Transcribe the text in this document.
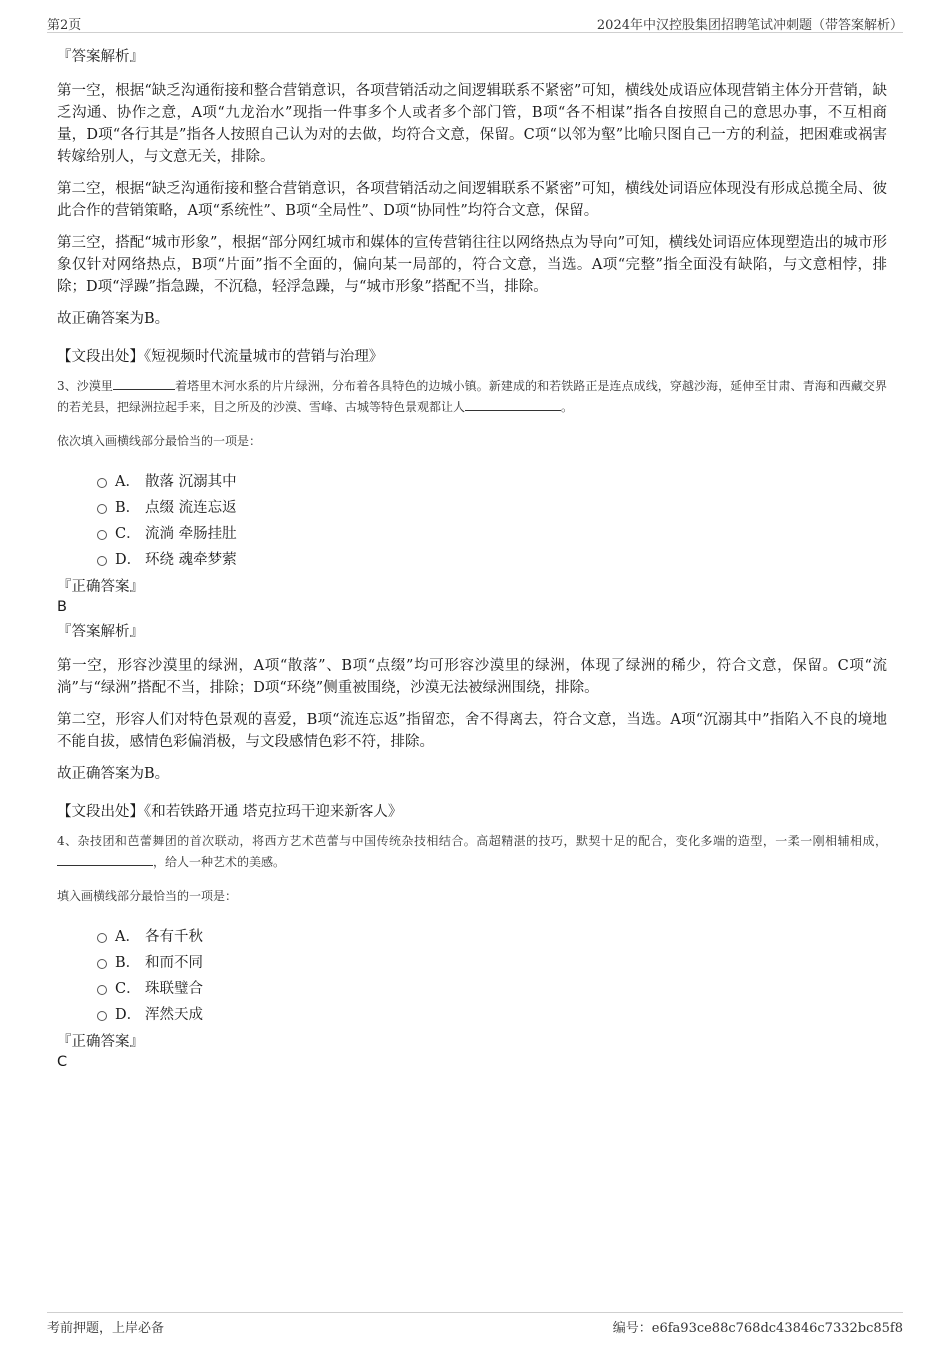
第2页	2024年中汉控股集团招聘笔试冲刺题（带答案解析）
『答案解析』

第一空，根据“缺乏沟通衔接和整合营销意识，各项营销活动之间逻辑联系不紧密”可知，横线处成语应体现营销主体分开营销，缺乏沟通、协作之意，A项“九龙治水”现指一件事多个人或者多个部门管，B项“各不相谋”指各自按照自己的意思办事，不互相商量，D项“各行其是”指各人按照自己认为对的去做，均符合文意，保留。C项“以邻为壑”比喻只图自己一方的利益，把困难或祸害转嫁给别人，与文意无关，排除。

第二空，根据“缺乏沟通衔接和整合营销意识，各项营销活动之间逻辑联系不紧密”可知，横线处词语应体现没有形成总揽全局、彼此合作的营销策略，A项“系统性”、B项“全局性”、D项“协同性”均符合文意，保留。

第三空，搭配“城市形象”，根据“部分网红城市和媒体的宣传营销往往以网络热点为导向”可知，横线处词语应体现塑造出的城市形象仅针对网络热点，B项“片面”指不全面的，偏向某一局部的，符合文意，当选。A项“完整”指全面没有缺陷，与文意相悖，排除；D项“浮躁”指急躁，不沉稳，轻浮急躁，与“城市形象”搭配不当，排除。

故正确答案为B。

【文段出处】《短视频时代流量城市的营销与治理》

3、沙漠里	着塔里木河水系的片片绿洲，分布着各具特色的边城小镇。新建成的和若铁路正是连点成线，穿越沙海，延伸至甘肃、青海和西藏交界的若羌县，把绿洲拉起手来，目之所及的沙漠、雪峰、古城等特色景观都让人	。

依次填入画横线部分最恰当的一项是：
A． 散落 沉溺其中
B． 点缀 流连忘返
C． 流淌 牵肠挂肚
D． 环绕 魂牵梦萦
『正确答案』
B
『答案解析』

第一空，形容沙漠里的绿洲，A项“散落”、B项“点缀”均可形容沙漠里的绿洲，体现了绿洲的稀少，符合文意，保留。C项“流淌”与“绿洲”搭配不当，排除；D项“环绕”侧重被围绕，沙漠无法被绿洲围绕，排除。

第二空，形容人们对特色景观的喜爱，B项“流连忘返”指留恋，舍不得离去，符合文意，当选。A项“沉溺其中”指陷入不良的境地不能自拔，感情色彩偏消极，与文段感情色彩不符，排除。

故正确答案为B。

【文段出处】《和若铁路开通 塔克拉玛干迎来新客人》

4、杂技团和芭蕾舞团的首次联动，将西方艺术芭蕾与中国传统杂技相结合。高超精湛的技巧，默契十足的配合，变化多端的造型，一柔一刚相辅相成，，给人一种艺术的美感。

填入画横线部分最恰当的一项是：
A． 各有千秋
B． 和而不同
C． 珠联璧合
D． 浑然天成
『正确答案』
C
考前押题，上岸必备	编号：e6fa93ce88c768dc43846c7332bc85f8
